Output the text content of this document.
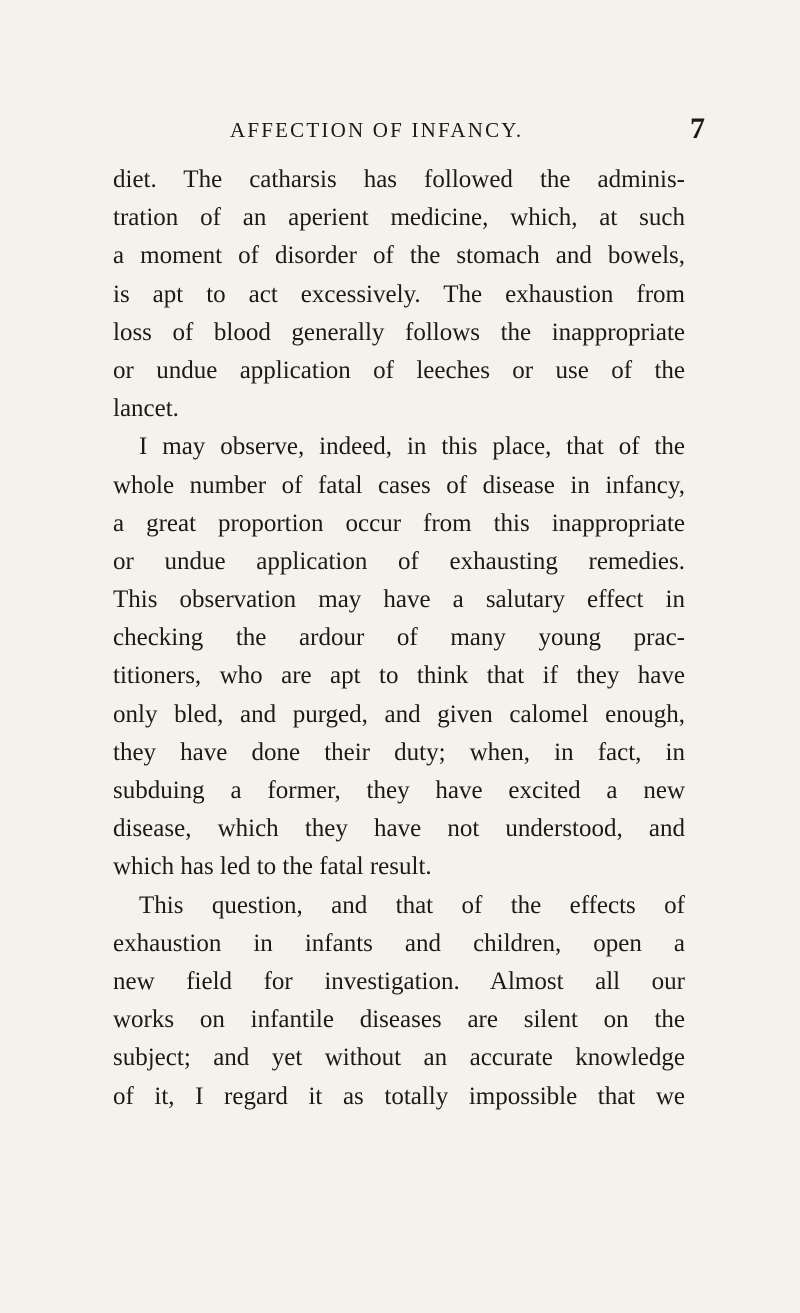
AFFECTION OF INFANCY.	7
diet. The catharsis has followed the adminis-
tration of an aperient medicine, which, at such
a moment of disorder of the stomach and bowels,
is apt to act excessively. The exhaustion from
loss of blood generally follows the inappropriate
or undue application of leeches or use of the
lancet.
I may observe, indeed, in this place, that of the
whole number of fatal cases of disease in infancy,
a great proportion occur from this inappropriate
or undue application of exhausting remedies.
This observation may have a salutary effect in
checking the ardour of many young prac-
titioners, who are apt to think that if they have
only bled, and purged, and given calomel enough,
they have done their duty; when, in fact, in
subduing a former, they have excited a new
disease, which they have not understood, and
which has led to the fatal result.
This question, and that of the effects of
exhaustion in infants and children, open a
new field for investigation. Almost all our
works on infantile diseases are silent on the
subject; and yet without an accurate knowledge
of it, I regard it as totally impossible that we
